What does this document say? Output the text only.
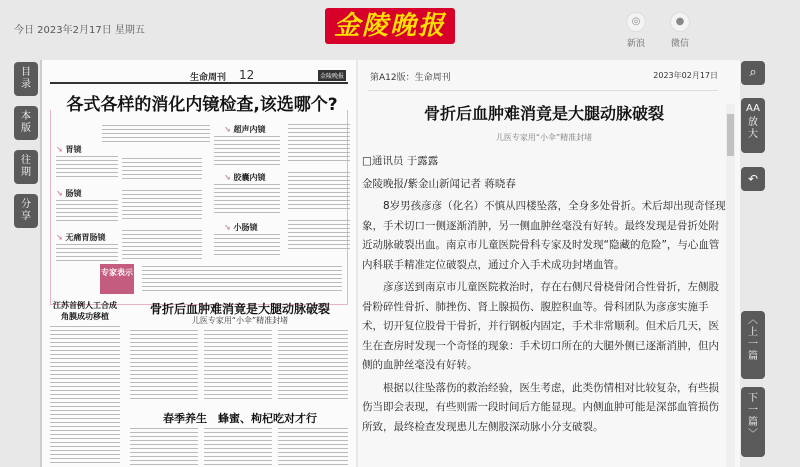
今日 2023年2月17日 星期五	金陵晚报	◎
新浪
●
微信
目录
本版
往期
分享
生命周刊 12	金陵晚报
各式各样的消化内镜检查,该选哪个?
↘ 胃镜
↘ 肠镜
↘ 无痛胃肠镜
↘ 超声内镜
↘ 胶囊内镜
↘ 小肠镜
专家表示
江苏首例人工合成角膜成功移植	骨折后血肿难消竟是大腿动脉破裂
儿医专家用“小伞”精准封堵
春季养生　蜂蜜、枸杞吃对才行
第A12版：生命周刊	2023年02月17日
骨折后血肿难消竟是大腿动脉破裂
儿医专家用“小伞”精准封堵

□通讯员 于露露

金陵晚报/紫金山新闻记者 蒋晓春

8岁男孩彦彦（化名）不慎从四楼坠落，全身多处骨折。术后却出现奇怪现象，手术切口一侧逐渐消肿，另一侧血肿丝毫没有好转。最终发现是骨折处附近动脉破裂出血。南京市儿童医院骨科专家及时发现“隐藏的危险”，与心血管内科联手精准定位破裂点，通过介入手术成功封堵血管。

彦彦送到南京市儿童医院救治时，存在右侧尺骨桡骨闭合性骨折，左侧股骨粉碎性骨折、肺挫伤、肾上腺损伤、腹腔积血等。骨科团队为彦彦实施手术，切开复位股骨干骨折，并行钢板内固定，手术非常顺利。但术后几天，医生在查房时发现一个奇怪的现象：手术切口所在的大腿外侧已逐渐消肿，但内侧的血肿丝毫没有好转。

根据以往坠落伤的救治经验，医生考虑，此类伤情相对比较复杂，有些损伤当即会表现，有些则需一段时间后方能显现。内侧血肿可能是深部血管损伤所致，最终检查发现患儿左侧股深动脉小分支破裂。

⌕
AA
放大
↶
︿
上一篇
下一篇
﹀
